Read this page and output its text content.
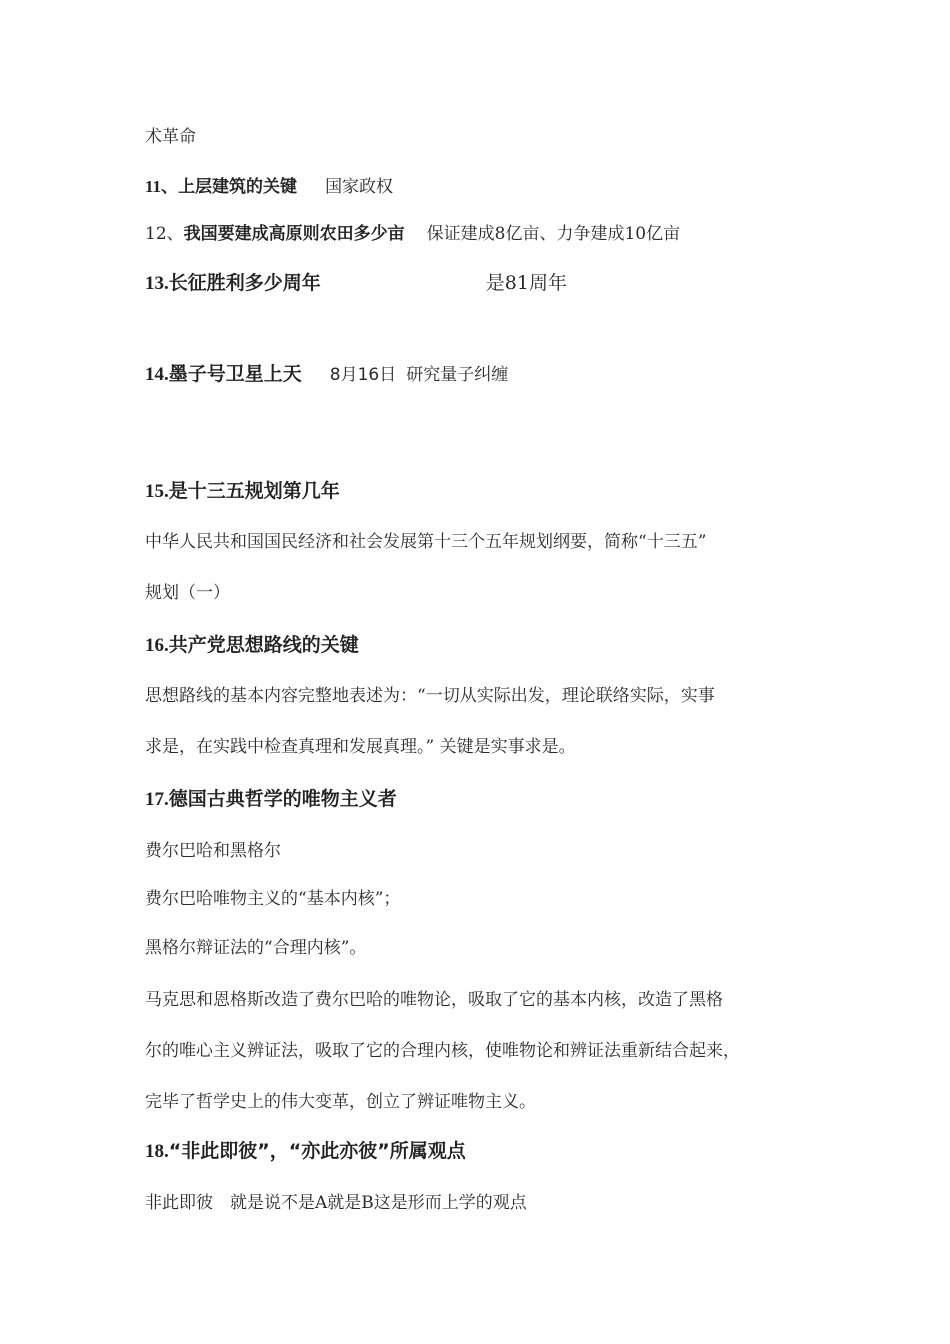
术革命
11、上层建筑的关键 国家政权
12、我国要建成高原则农田多少亩 保证建成8亿亩、力争建成10亿亩
13.长征胜利多少周年	是81周年
14.墨子号卫星上天 8月16日 研究量子纠缠
15.是十三五规划第几年
中华人民共和国国民经济和社会发展第十三个五年规划纲要，简称“十三五”
规划（一）
16.共产党思想路线的关键
思想路线的基本内容完整地表述为：“一切从实际出发，理论联络实际，实事
求是，在实践中检查真理和发展真理。” 关键是实事求是。
17.德国古典哲学的唯物主义者
费尔巴哈和黑格尔
费尔巴哈唯物主义的“基本内核”；
黑格尔辩证法的“合理内核”。
马克思和恩格斯改造了费尔巴哈的唯物论，吸取了它的基本内核，改造了黑格
尔的唯心主义辨证法，吸取了它的合理内核，使唯物论和辨证法重新结合起来，
完毕了哲学史上的伟大变革，创立了辨证唯物主义。
18.“非此即彼”，“亦此亦彼”所属观点
非此即彼　就是说不是A就是B这是形而上学的观点
